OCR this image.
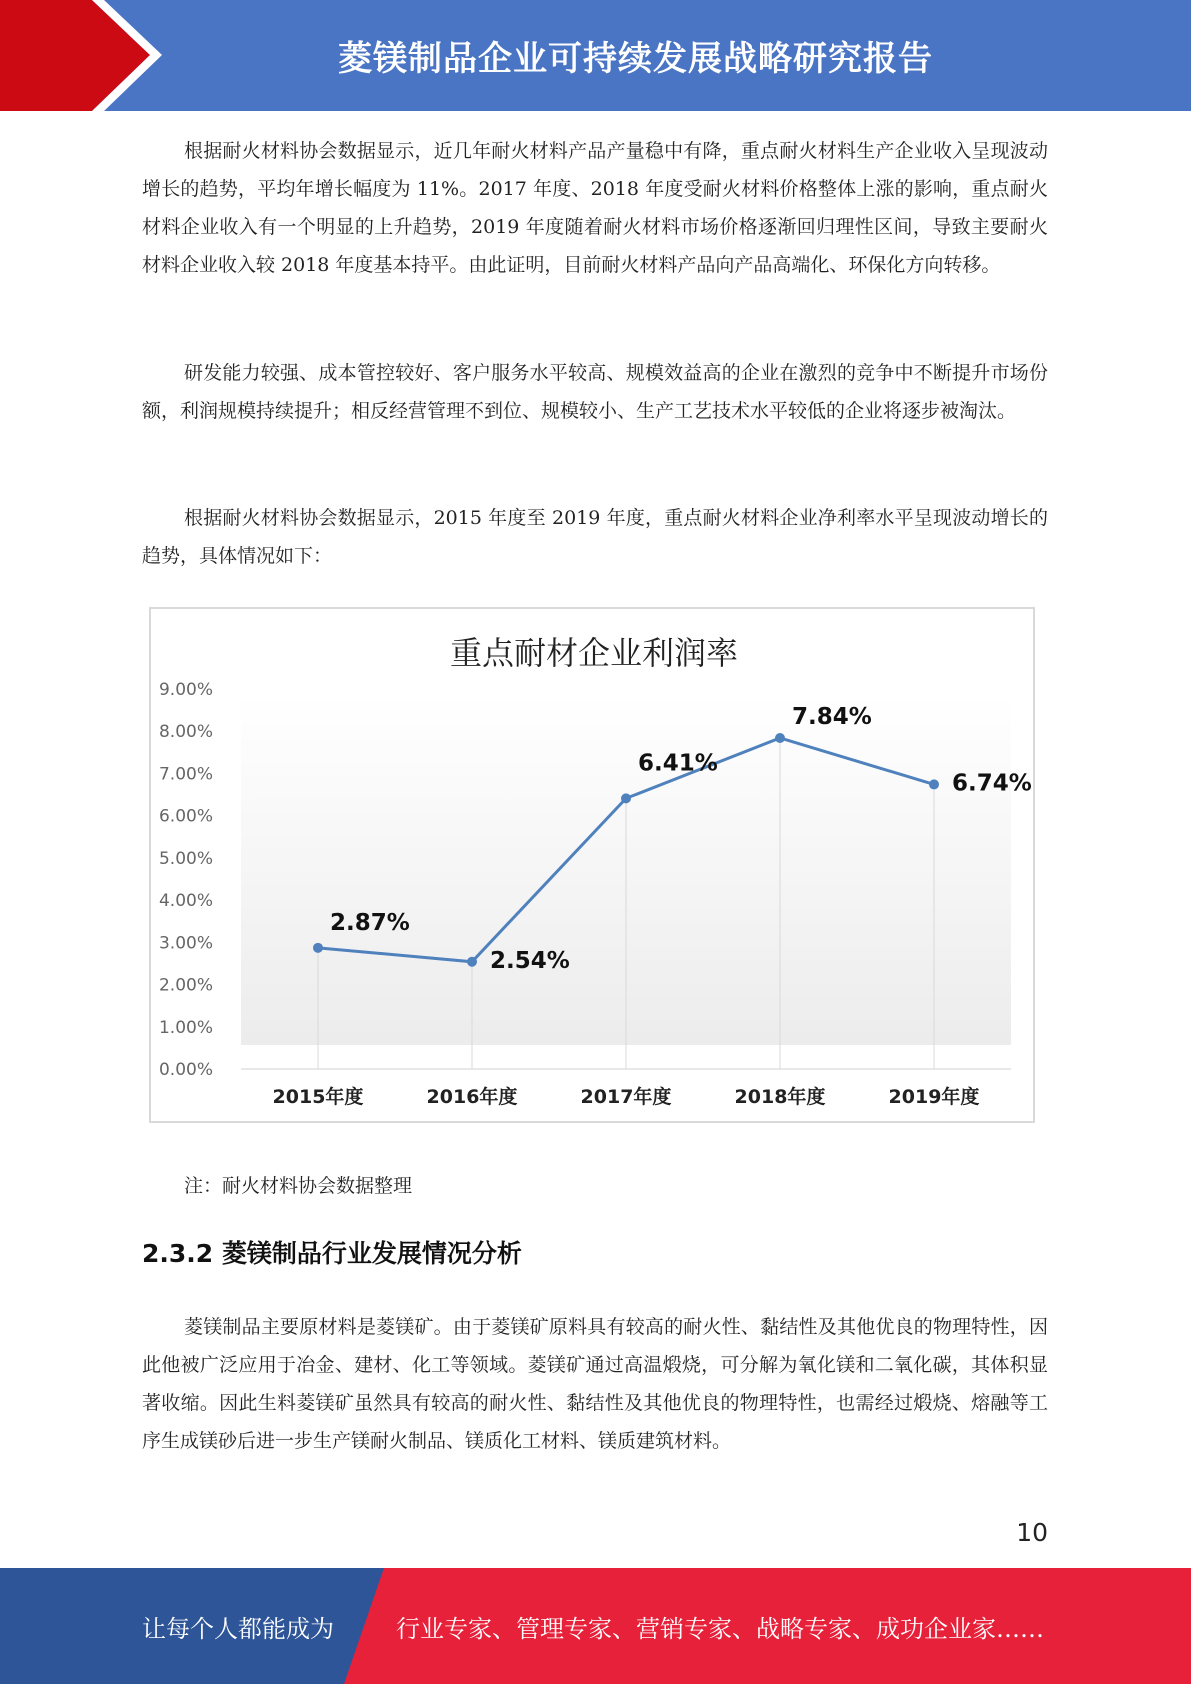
菱镁制品企业可持续发展战略研究报告

根据耐火材料协会数据显示，近几年耐火材料产品产量稳中有降，重点耐火材料生产企业收入呈现波动增长的趋势，平均年增长幅度为 11%。2017 年度、2018 年度受耐火材料价格整体上涨的影响，重点耐火材料企业收入有一个明显的上升趋势，2019 年度随着耐火材料市场价格逐渐回归理性区间，导致主要耐火材料企业收入较 2018 年度基本持平。由此证明，目前耐火材料产品向产品高端化、环保化方向转移。

研发能力较强、成本管控较好、客户服务水平较高、规模效益高的企业在激烈的竞争中不断提升市场份额，利润规模持续提升；相反经营管理不到位、规模较小、生产工艺技术水平较低的企业将逐步被淘汰。

根据耐火材料协会数据显示，2015 年度至 2019 年度，重点耐火材料企业净利率水平呈现波动增长的趋势，具体情况如下：

重点耐材企业利润率
0.00%
1.00%
2.00%
3.00%
4.00%
5.00%
6.00%
7.00%
8.00%
9.00%
2015年度	2016年度	2017年度	2018年度	2019年度
2.87%
2.54%
6.41%
7.84%
6.74%
注：耐火材料协会数据整理
2.3.2 菱镁制品行业发展情况分析

菱镁制品主要原材料是菱镁矿。由于菱镁矿原料具有较高的耐火性、黏结性及其他优良的物理特性，因此他被广泛应用于冶金、建材、化工等领域。菱镁矿通过高温煅烧，可分解为氧化镁和二氧化碳，其体积显著收缩。因此生料菱镁矿虽然具有较高的耐火性、黏结性及其他优良的物理特性，也需经过煅烧、熔融等工序生成镁砂后进一步生产镁耐火制品、镁质化工材料、镁质建筑材料。

10
让每个人都能成为	行业专家、管理专家、营销专家、战略专家、成功企业家……
